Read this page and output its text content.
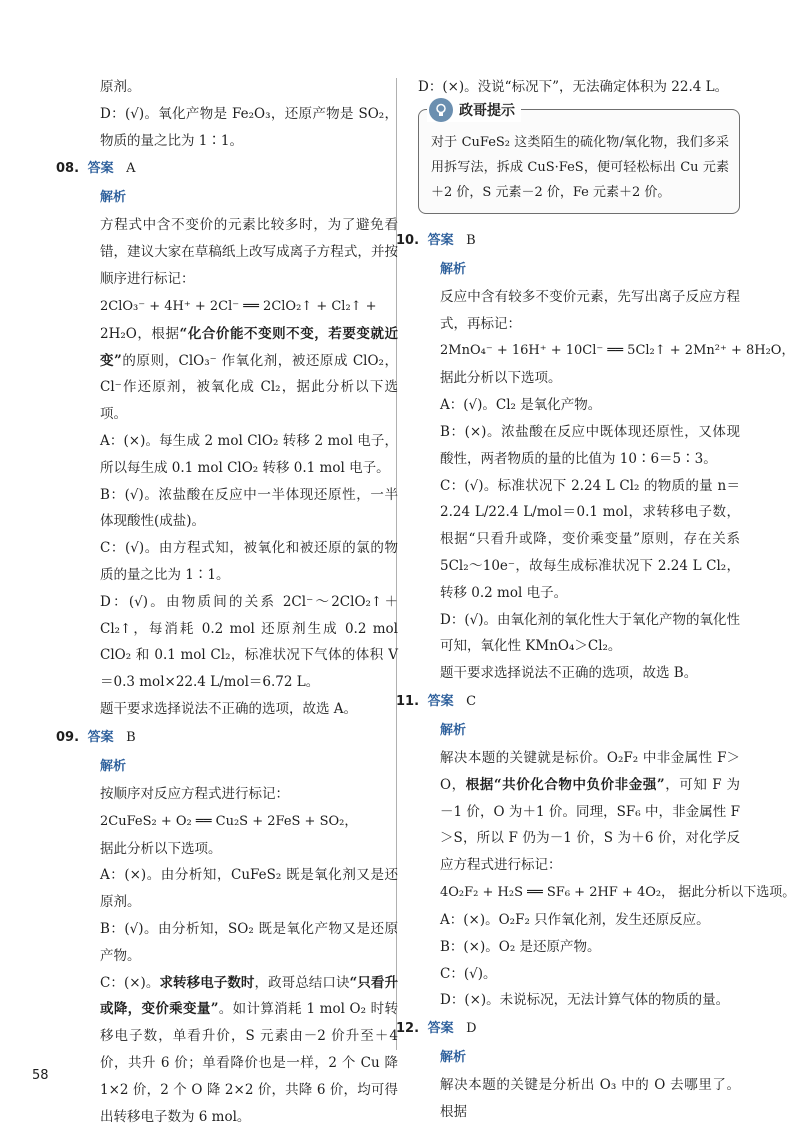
原剂。

D：(√)。氧化产物是 Fe₂O₃，还原产物是 SO₂，物质的量之比为 1∶1。

08. 答案 A
解析

方程式中含不变价的元素比较多时，为了避免看错，建议大家在草稿纸上改写成离子方程式，并按顺序进行标记：

2ClO₃⁻ + 4H⁺ + 2Cl⁻ ══ 2ClO₂↑ + Cl₂↑ +

2H₂O，根据“化合价能不变则不变，若要变就近变”的原则，ClO₃⁻ 作氧化剂，被还原成 ClO₂，Cl⁻作还原剂，被氧化成 Cl₂，据此分析以下选项。

A：(×)。每生成 2 mol ClO₂ 转移 2 mol 电子，所以每生成 0.1 mol ClO₂ 转移 0.1 mol 电子。

B：(√)。浓盐酸在反应中一半体现还原性，一半体现酸性(成盐)。

C：(√)。由方程式知，被氧化和被还原的氯的物质的量之比为 1∶1。

D：(√)。由物质间的关系 2Cl⁻～2ClO₂↑＋Cl₂↑，每消耗 0.2 mol 还原剂生成 0.2 mol ClO₂ 和 0.1 mol Cl₂，标准状况下气体的体积 V＝0.3 mol×22.4 L/mol＝6.72 L。

题干要求选择说法不正确的选项，故选 A。

09. 答案 B
解析

按顺序对反应方程式进行标记：

2CuFeS₂ + O₂ ══ Cu₂S + 2FeS + SO₂，

据此分析以下选项。

A：(×)。由分析知，CuFeS₂ 既是氧化剂又是还原剂。

B：(√)。由分析知，SO₂ 既是氧化产物又是还原产物。

C：(×)。求转移电子数时，政哥总结口诀“只看升或降，变价乘变量”。如计算消耗 1 mol O₂ 时转移电子数，单看升价，S 元素由－2 价升至＋4 价，共升 6 价；单看降价也是一样，2 个 Cu 降 1×2 价，2 个 O 降 2×2 价，共降 6 价，均可得出转移电子数为 6 mol。

D：(×)。没说“标况下”，无法确定体积为 22.4 L。

政哥提示

对于 CuFeS₂ 这类陌生的硫化物/氧化物，我们多采用拆写法，拆成 CuS·FeS，便可轻松标出 Cu 元素＋2 价，S 元素－2 价，Fe 元素＋2 价。

10. 答案 B
解析

反应中含有较多不变价元素，先写出离子反应方程式，再标记：

2MnO₄⁻ + 16H⁺ + 10Cl⁻ ══ 5Cl₂↑ + 2Mn²⁺ + 8H₂O，

据此分析以下选项。

A：(√)。Cl₂ 是氧化产物。

B：(×)。浓盐酸在反应中既体现还原性，又体现酸性，两者物质的量的比值为 10∶6＝5∶3。

C：(√)。标准状况下 2.24 L Cl₂ 的物质的量 n＝2.24 L/22.4 L/mol＝0.1 mol，求转移电子数，根据“只看升或降，变价乘变量”原则，存在关系 5Cl₂～10e⁻，故每生成标准状况下 2.24 L Cl₂，转移 0.2 mol 电子。

D：(√)。由氧化剂的氧化性大于氧化产物的氧化性可知，氧化性 KMnO₄＞Cl₂。

题干要求选择说法不正确的选项，故选 B。

11. 答案 C
解析

解决本题的关键就是标价。O₂F₂ 中非金属性 F＞O，根据“共价化合物中负价非金强”，可知 F 为－1 价，O 为＋1 价。同理，SF₆ 中，非金属性 F＞S，所以 F 仍为－1 价，S 为＋6 价，对化学反应方程式进行标记：

4O₂F₂ + H₂S ══ SF₆ + 2HF + 4O₂， 据此分析以下选项。

A：(×)。O₂F₂ 只作氧化剂，发生还原反应。

B：(×)。O₂ 是还原产物。

C：(√)。

D：(×)。未说标况，无法计算气体的物质的量。

12. 答案 D
解析

解决本题的关键是分析出 O₃ 中的 O 去哪里了。根据

58
